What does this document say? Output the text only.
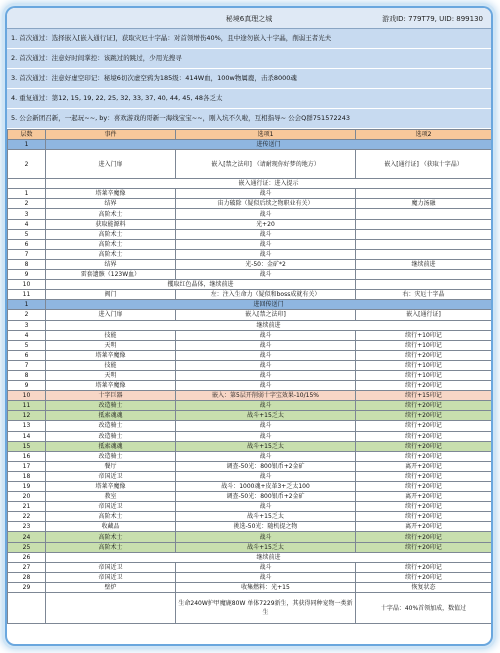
秘境6真理之城	游戏ID: 779T79, UID: 899130
1. 首次通过：选择嵌入[嵌入通行证]，获取灾厄十字晶：对首领增伤40%，且中途勿嵌入十字晶，削弱王者光夫
2. 首次通过：注意好时间掌控：该跳过的跳过，少用光搜寻
3. 首次通过：注意好虚空印记：秘境6切次虚空鸦为185级：414W血，100w物属鹿，击杀8000魂
4. 重复通过：第12, 15, 19, 22, 25, 32, 33, 37, 40, 44, 45, 48各乏太
5. 公会新团召新，一起玩~~, by：喜欢游戏的哥新一海线宝宝~~，刚入坑不久啦，互相指导~ 公会Q群751572243
层数	事件	选项1	选项2
1	进传送门		
2	进入门扉	嵌入[禁之法印] （请耐现你好梦的地方）	嵌入[通行证] （获取十字晶）
	嵌入通行证：进入提示		
1	塔莱辛魔像	战斗	
2	结界	宙力破除（疑似后续之物职业有关）	魔力汤融
3	高阶术士	战斗	
4	获取能源料	光+20	
5	高阶术士	战斗	
6	高阶术士	战斗	
7	高阶术士	战斗	
8	结界	光-50：金矿*2	继续前进
9	雷套遗骸（123W血）	战斗	
10	攫取红色晶体，继续前进		
11	阀门	左：注入生命力（疑似和boss成就有关）	右：灾厄十字晶
1	进回传送门		
2	进入门扉	嵌入[禁之法印]	嵌入[通行证]
3	继续前进		
4	技能	战斗	续行+10印记
5	天明	战斗	续行+10印记
6	塔莱辛魔像	战斗	续行+20印记
7	技能	战斗	续行+10印记
8	天明	战斗	续行+10印记
9	塔莱辛魔像	战斗	续行+20印记
10	十字巨器	嵌入：第5层开削弱十字宝效果-10/15%	续行+15印记
11	改造骑士	战斗	续行+20印记
12	抵索魂魂	战斗+15乏太	续行+20印记
13	改造骑士	战斗	续行+20印记
14	改造骑士	战斗	续行+20印记
15	抵索魂魂	战斗+15乏太	续行+20印记
16	改造骑士	战斗	续行+20印记
17	餐厅	调查-50光：800银币+2金矿	离开+20印记
18	帝国近卫	战斗	续行+20印记
19	塔莱辛魔像	战斗：1000魂+皮革3+乏太100	续行+20印记
20	教室	调查-50光：800银币+2金矿	离开+20印记
21	帝国近卫	战斗	续行+20印记
22	高阶术士	战斗+15乏太	续行+20印记
23	收藏品	挑选-50光：随机提之物	离开+20印记
24	高阶术士	战斗	续行+20印记
25	高阶术士	战斗+15乏太	续行+20印记
26	继续前进		
27	帝国近卫	战斗	续行+20印记
28	帝国近卫	战斗	续行+20印记
29	壁炉	收集燃料：光+15	恢复状态
		生命240W护甲魔鹿80W 单体7229新生，其获得同种宠物一类新生	十字晶：40%首领加成，数值过
